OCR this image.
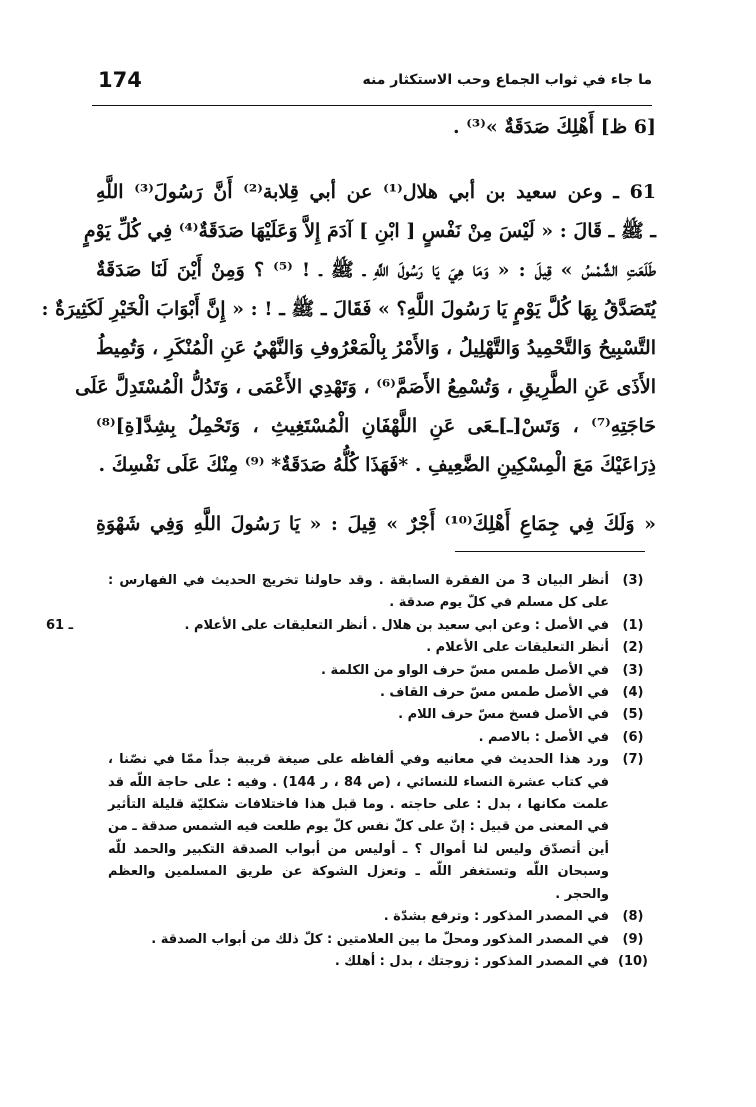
174	ما جاء في ثواب الجماع وحب الاستكثار منه
[6 ظ] أَهْلِكَ صَدَقَةٌ »⁽³⁾ .
61 ـ وعن سعيد بن أبي هلال⁽¹⁾ عن أبي قِلابة⁽²⁾ أَنَّ رَسُولَ⁽³⁾ اللَّهِ
ـ ﷺ ـ قَالَ : « لَيْسَ مِنْ نَفْسٍ [ ابْنِ ] آدَمَ إِلاَّ وَعَلَيْهَا صَدَقَةٌ⁽⁴⁾ فِي كُلِّ يَوْمٍ
طَلَعَتِ الشَّمْسُ » قِيلَ : « وَمَا هِيَ يَا رَسُولَ اللَّهِ ـ ﷺ ـ ! ⁽⁵⁾ ؟ وَمِنْ أَيْنَ لَنَا صَدَقَةٌ
يُتَصَدَّقُ بِهَا كُلَّ يَوْمٍ يَا رَسُولَ اللَّهِ؟ » فَقَالَ ـ ﷺ ـ ! : « إِنَّ أَبْوَابَ الْخَيْرِ لَكَثِيرَةٌ :
التَّسْبِيحُ وَالتَّحْمِيدُ وَالتَّهْلِيلُ ، وَالأَمْرُ بِالْمَعْرُوفِ وَالنَّهْيُ عَنِ الْمُنْكَرِ ، وَتُمِيطُ
الأَذَى عَنِ الطَّرِيقِ ، وَتُسْمِعُ الأَصَمَّ⁽⁶⁾ ، وَتَهْدِي الأَعْمَى ، وَتَدُلُّ الْمُسْتَدِلَّ عَلَى
حَاجَتِهِ⁽⁷⁾ ، وَتَسْ[ـ]ـعَى عَنِ اللَّهْفَانِ الْمُسْتَغِيثِ ، وَتَحْمِلُ بِشِدَّ[ةِ]⁽⁸⁾
ذِرَاعَيْكَ مَعَ الْمِسْكِينِ الضَّعِيفِ . *فَهَذَا كُلُّهُ صَدَقَةٌ* ⁽⁹⁾ مِنْكَ عَلَى نَفْسِكَ .
« وَلَكَ فِي جِمَاعِ أَهْلِكَ⁽¹⁰⁾ أَجْرٌ » قِيلَ : « يَا رَسُولَ اللَّهِ وَفِي شَهْوَةِ
(3)
أنظر البيان 3 من الفقرة السابقة . وقد حاولنا تخريج الحديث في الفهارس : على كل مسلم في كلّ يوم صدقة .
61 ـ	(1)
في الأصل : وعن ابي سعيد بن هلال . أنظر التعليقات على الأعلام .
(2)
أنظر التعليقات على الأعلام .
(3)
في الأصل طمس مسّ حرف الواو من الكلمة .
(4)
في الأصل طمس مسّ حرف القاف .
(5)
في الأصل فسخ مسّ حرف اللام .
(6)
في الأصل : بالاصم .
(7)
ورد هذا الحديث في معانيه وفي ألفاظه على صيغة قريبة جداً ممّا في نصّنا ، في كتاب عشرة النساء للنسائي ، (ص 84 ، ر 144) . وفيه : على حاجة اللّه قد علمت مكانها ، بدل : على حاجته . وما قبل هذا فاختلافات شكليّة قليلة التأثير في المعنى من قبيل : إنّ على كلّ نفس كلّ يوم طلعت فيه الشمس صدقة ـ من أين أتصدّق وليس لنا أموال ؟ ـ أوليس من أبواب الصدقة التكبير والحمد للّه وسبحان اللّه وتستغفر اللّه ـ وتعزل الشوكة عن طريق المسلمين والعظم والحجر .
(8)
في المصدر المذكور : وترفع بشدّة .
(9)
في المصدر المذكور ومحلّ ما بين العلامتين : كلّ ذلك من أبواب الصدقة .
(10)
في المصدر المذكور : زوجتك ، بدل : أهلك .
